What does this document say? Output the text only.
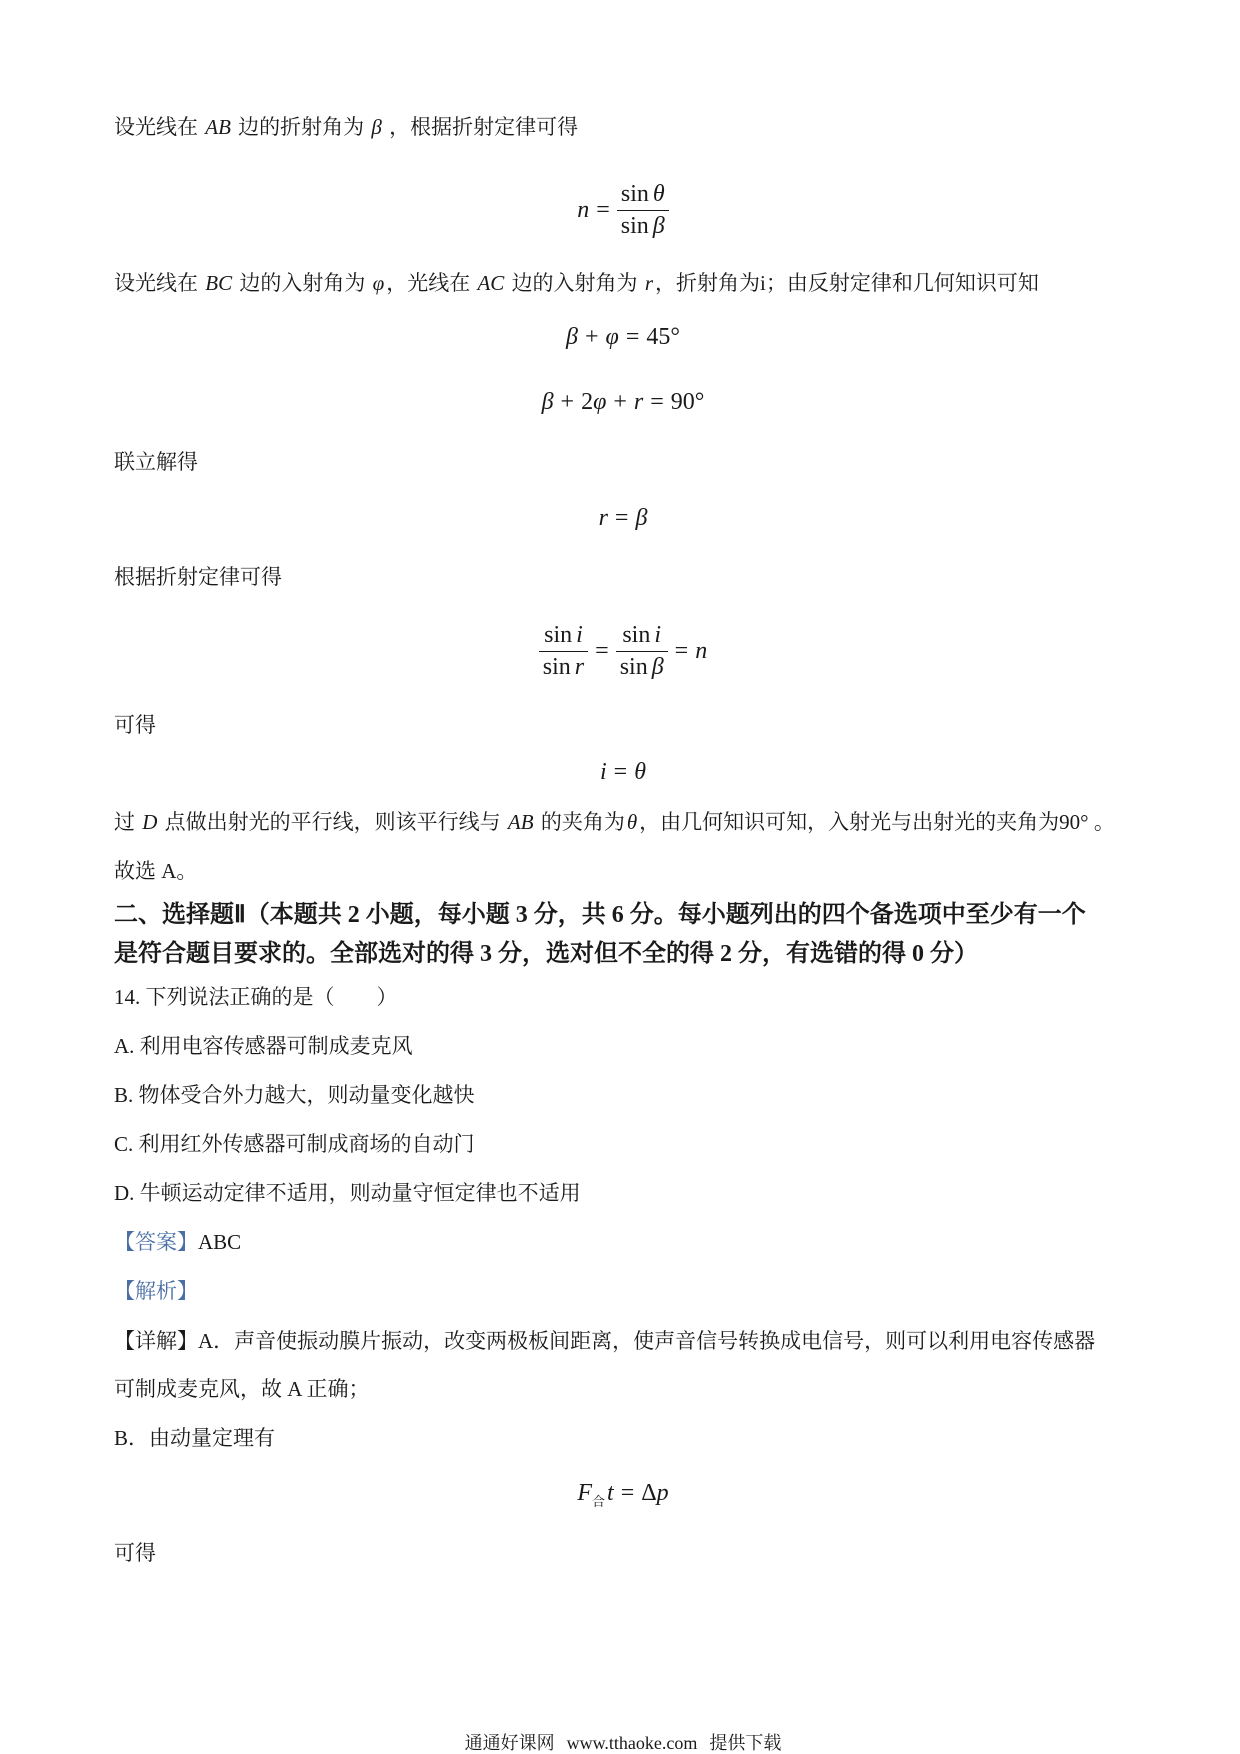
设光线在 AB 边的折射角为 β ，根据折射定律可得
$n = \frac{\text{sin θ}}{\text{sin β}}$
设光线在 BC 边的入射角为 φ，光线在 AC 边的入射角为 r，折射角为i；由反射定律和几何知识可知
β + φ = 45°
β + 2 φ + r = 90°
联立解得
r = β
根据折射定律可得
$\frac{\text{sin i}}{\text{sin r}} = \frac{\text{sin i}}{\text{sin β}} = n$
可得
i = θ
过 D 点做出射光的平行线，则该平行线与 AB 的夹角为θ，由几何知识可知，入射光与出射光的夹角为90° 。
故选 A。
二、选择题Ⅱ（本题共 2 小题，每小题 3 分，共 6 分。每小题列出的四个备选项中至少有一个
是符合题目要求的。全部选对的得 3 分，选对但不全的得 2 分，有选错的得 0 分）
14. 下列说法正确的是（　　）
A. 利用电容传感器可制成麦克风
B. 物体受合外力越大，则动量变化越快
C. 利用红外传感器可制成商场的自动门
D. 牛顿运动定律不适用，则动量守恒定律也不适用
【答案】ABC
【解析】
【详解】A．声音使振动膜片振动，改变两极板间距离，使声音信号转换成电信号，则可以利用电容传感器
可制成麦克风，故 A 正确；
B．由动量定理有
F 合 t = Δ p
可得
通通好课网 www.tthaoke.com 提供下载
